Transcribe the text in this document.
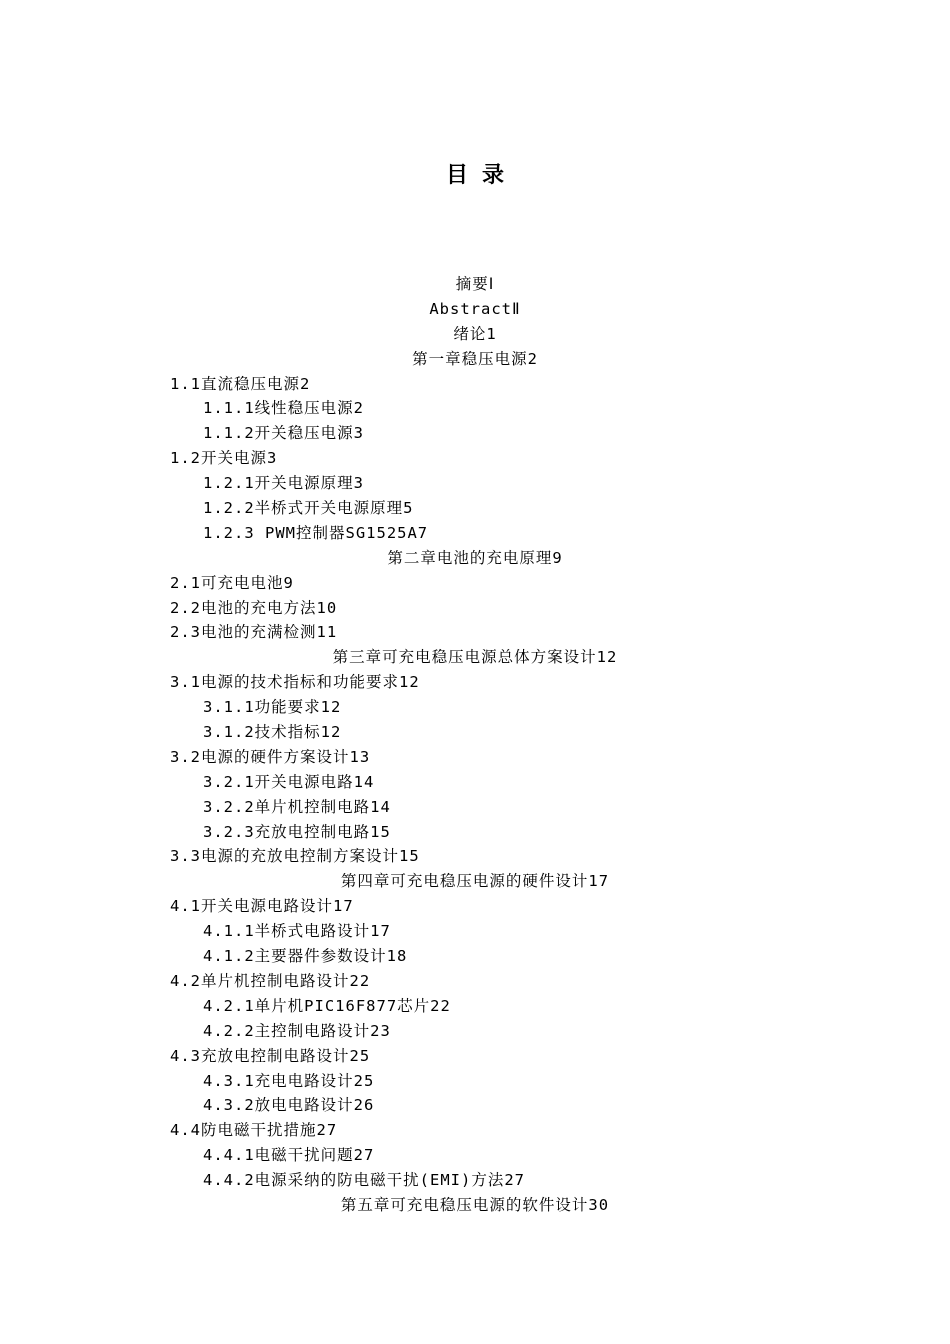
目录
摘要Ⅰ
AbstractⅡ
绪论1
第一章稳压电源2
1.1直流稳压电源2
1.1.1线性稳压电源2
1.1.2开关稳压电源3
1.2开关电源3
1.2.1开关电源原理3
1.2.2半桥式开关电源原理5
1.2.3 PWM控制器SG1525A7
第二章电池的充电原理9
2.1可充电电池9
2.2电池的充电方法10
2.3电池的充满检测11
第三章可充电稳压电源总体方案设计12
3.1电源的技术指标和功能要求12
3.1.1功能要求12
3.1.2技术指标12
3.2电源的硬件方案设计13
3.2.1开关电源电路14
3.2.2单片机控制电路14
3.2.3充放电控制电路15
3.3电源的充放电控制方案设计15
第四章可充电稳压电源的硬件设计17
4.1开关电源电路设计17
4.1.1半桥式电路设计17
4.1.2主要器件参数设计18
4.2单片机控制电路设计22
4.2.1单片机PIC16F877芯片22
4.2.2主控制电路设计23
4.3充放电控制电路设计25
4.3.1充电电路设计25
4.3.2放电电路设计26
4.4防电磁干扰措施27
4.4.1电磁干扰问题27
4.4.2电源采纳的防电磁干扰(EMI)方法27
第五章可充电稳压电源的软件设计30
